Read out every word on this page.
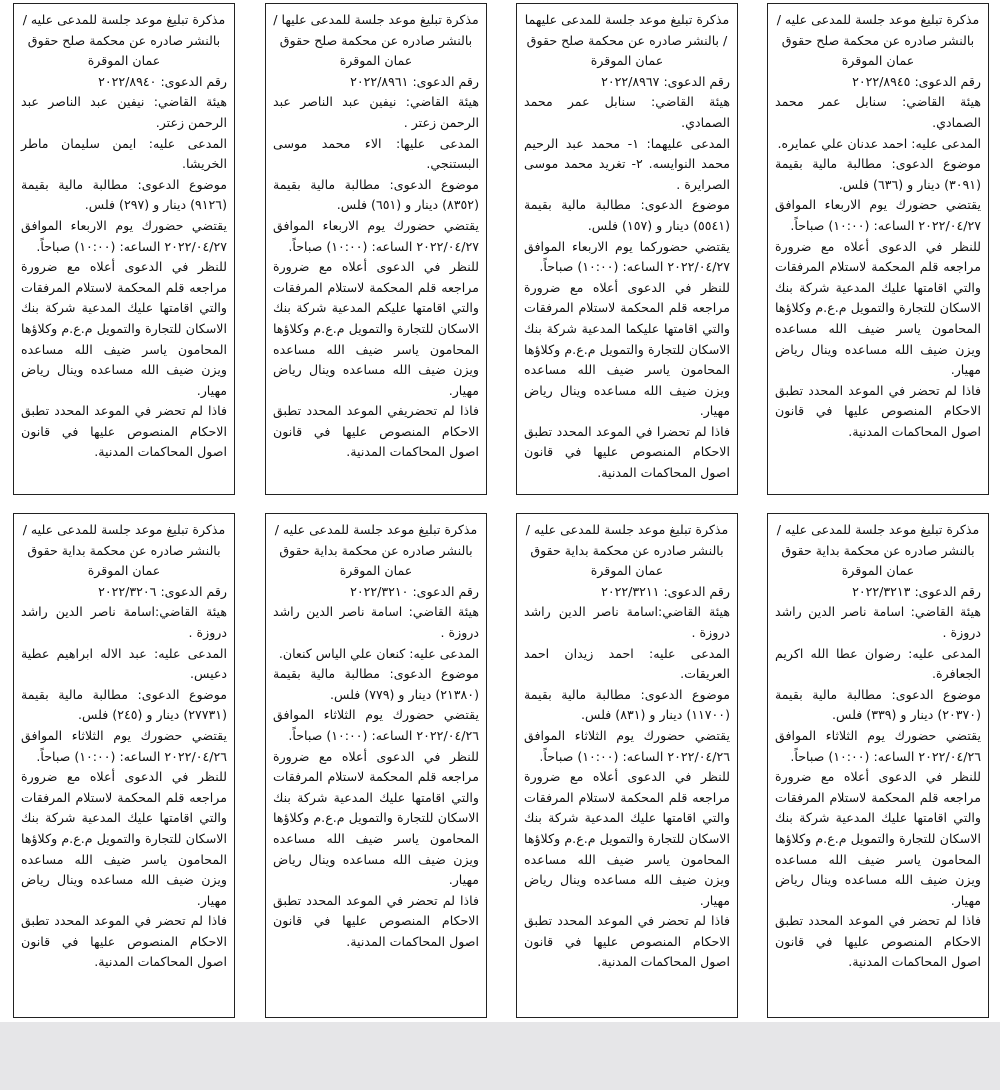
مذكرة تبليغ موعد جلسة للمدعى عليه / بالنشر صادره عن محكمة صلح حقوق عمان الموقرة

رقم الدعوى: ٢٠٢٢/٨٩٤٥

هيئة القاضي: سنابل عمر محمد الصمادي.

المدعى عليه: احمد عدنان علي عمايره.

موضوع الدعوى: مطالبة مالية بقيمة (٣٠٩١) دينار و (٦٣٦) فلس.

يقتضي حضورك يوم الاربعاء الموافق ٢٠٢٢/٠٤/٢٧ الساعه: (١٠:٠٠) صباحاً.

للنظر في الدعوى أعلاه مع ضرورة مراجعه قلم المحكمة لاستلام المرفقات والتي اقامتها عليك المدعية شركة بنك الاسكان للتجارة والتمويل م.ع.م وكلاؤها المحامون ياسر ضيف الله مساعده ويزن ضيف الله مساعده وينال رياض مهيار.

فاذا لم تحضر في الموعد المحدد تطبق الاحكام المنصوص عليها في قانون اصول المحاكمات المدنية.

مذكرة تبليغ موعد جلسة للمدعى عليهما / بالنشر صادره عن محكمة صلح حقوق عمان الموقرة

رقم الدعوى: ٢٠٢٢/٨٩٦٧

هيئة القاضي: سنابل عمر محمد الصمادي.

المدعى عليهما: ١- محمد عبد الرحيم محمد النوايسه. ٢- تغريد محمد موسى الصرايرة .

موضوع الدعوى: مطالبة مالية بقيمة (٥٥٤١) دينار و (١٥٧) فلس.

يقتضي حضوركما يوم الاربعاء الموافق ٢٠٢٢/٠٤/٢٧ الساعه: (١٠:٠٠) صباحاً.

للنظر في الدعوى أعلاه مع ضرورة مراجعه قلم المحكمة لاستلام المرفقات والتي اقامتها عليكما المدعية شركة بنك الاسكان للتجارة والتمويل م.ع.م وكلاؤها المحامون ياسر ضيف الله مساعده ويزن ضيف الله مساعده وينال رياض مهيار.

فاذا لم تحضرا في الموعد المحدد تطبق الاحكام المنصوص عليها في قانون اصول المحاكمات المدنية.

مذكرة تبليغ موعد جلسة للمدعى عليها / بالنشر صادره عن محكمة صلح حقوق عمان الموقرة

رقم الدعوى: ٢٠٢٢/٨٩٦١

هيئة القاضي: نيفين عبد الناصر عبد الرحمن زعتر .

المدعى عليها: الاء محمد موسى البستنجي.

موضوع الدعوى: مطالبة مالية بقيمة (٨٣٥٢) دينار و (٦٥١) فلس.

يقتضي حضورك يوم الاربعاء الموافق ٢٠٢٢/٠٤/٢٧ الساعه: (١٠:٠٠) صباحاً.

للنظر في الدعوى أعلاه مع ضرورة مراجعه قلم المحكمة لاستلام المرفقات والتي اقامتها عليكم المدعية شركة بنك الاسكان للتجارة والتمويل م.ع.م وكلاؤها المحامون ياسر ضيف الله مساعده ويزن ضيف الله مساعده وينال رياض مهيار.

فاذا لم تحضريفي الموعد المحدد تطبق الاحكام المنصوص عليها في قانون اصول المحاكمات المدنية.

مذكرة تبليغ موعد جلسة للمدعى عليه / بالنشر صادره عن محكمة صلح حقوق عمان الموقرة

رقم الدعوى: ٢٠٢٢/٨٩٤٠

هيئة القاضي: نيفين عبد الناصر عبد الرحمن زعتر.

المدعى عليه: ايمن سليمان ماطر الخريشا.

موضوع الدعوى: مطالبة مالية بقيمة (٩١٢٦) دينار و (٢٩٧) فلس.

يقتضي حضورك يوم الاربعاء الموافق ٢٠٢٢/٠٤/٢٧ الساعه: (١٠:٠٠) صباحاً.

للنظر في الدعوى أعلاه مع ضرورة مراجعه قلم المحكمة لاستلام المرفقات والتي اقامتها عليك المدعية شركة بنك الاسكان للتجارة والتمويل م.ع.م وكلاؤها المحامون ياسر ضيف الله مساعده ويزن ضيف الله مساعده وينال رياض مهيار.

فاذا لم تحضر في الموعد المحدد تطبق الاحكام المنصوص عليها في قانون اصول المحاكمات المدنية.

مذكرة تبليغ موعد جلسة للمدعى عليه / بالنشر صادره عن محكمة بداية حقوق عمان الموقرة

رقم الدعوى: ٢٠٢٢/٣٢١٣

هيئة القاضي: اسامة ناصر الدين راشد دروزة .

المدعى عليه: رضوان عطا الله اكريم الجعافرة.

موضوع الدعوى: مطالبة مالية بقيمة (٢٠٣٧٠) دينار و (٣٣٩) فلس.

يقتضي حضورك يوم الثلاثاء الموافق ٢٠٢٢/٠٤/٢٦ الساعه: (١٠:٠٠) صباحاً.

للنظر في الدعوى أعلاه مع ضرورة مراجعه قلم المحكمة لاستلام المرفقات والتي اقامتها عليك المدعية شركة بنك الاسكان للتجارة والتمويل م.ع.م وكلاؤها المحامون ياسر ضيف الله مساعده ويزن ضيف الله مساعده وينال رياض مهيار.

فاذا لم تحضر في الموعد المحدد تطبق الاحكام المنصوص عليها في قانون اصول المحاكمات المدنية.

مذكرة تبليغ موعد جلسة للمدعى عليه / بالنشر صادره عن محكمة بداية حقوق عمان الموقرة

رقم الدعوى: ٢٠٢٢/٣٢١١

هيئة القاضي:اسامة ناصر الدين راشد دروزة .

المدعى عليه: احمد زيدان احمد العريقات.

موضوع الدعوى: مطالبة مالية بقيمة (١١٧٠٠) دينار و (٨٣١) فلس.

يقتضي حضورك يوم الثلاثاء الموافق ٢٠٢٢/٠٤/٢٦ الساعه: (١٠:٠٠) صباحاً.

للنظر في الدعوى أعلاه مع ضرورة مراجعه قلم المحكمة لاستلام المرفقات والتي اقامتها عليك المدعية شركة بنك الاسكان للتجارة والتمويل م.ع.م وكلاؤها المحامون ياسر ضيف الله مساعده ويزن ضيف الله مساعده وينال رياض مهيار.

فاذا لم تحضر في الموعد المحدد تطبق الاحكام المنصوص عليها في قانون اصول المحاكمات المدنية.

مذكرة تبليغ موعد جلسة للمدعى عليه / بالنشر صادره عن محكمة بداية حقوق عمان الموقرة

رقم الدعوى: ٢٠٢٢/٣٢١٠

هيئة القاضي: اسامة ناصر الدين راشد دروزة .

المدعى عليه: كنعان علي الياس كنعان.

موضوع الدعوى: مطالبة مالية بقيمة (٢١٣٨٠) دينار و (٧٧٩) فلس.

يقتضي حضورك يوم الثلاثاء الموافق ٢٠٢٢/٠٤/٢٦ الساعه: (١٠:٠٠) صباحاً.

للنظر في الدعوى أعلاه مع ضرورة مراجعه قلم المحكمة لاستلام المرفقات والتي اقامتها عليك المدعية شركة بنك الاسكان للتجارة والتمويل م.ع.م وكلاؤها المحامون ياسر ضيف الله مساعده ويزن ضيف الله مساعده وينال رياض مهيار.

فاذا لم تحضر في الموعد المحدد تطبق الاحكام المنصوص عليها في قانون اصول المحاكمات المدنية.

مذكرة تبليغ موعد جلسة للمدعى عليه / بالنشر صادره عن محكمة بداية حقوق عمان الموقرة

رقم الدعوى: ٢٠٢٢/٣٢٠٦

هيئة القاضي:اسامة ناصر الدين راشد دروزة .

المدعى عليه: عبد الاله ابراهيم عطية دعيس.

موضوع الدعوى: مطالبة مالية بقيمة (٢٧٧٣١) دينار و (٢٤٥) فلس.

يقتضي حضورك يوم الثلاثاء الموافق ٢٠٢٢/٠٤/٢٦ الساعه: (١٠:٠٠) صباحاً.

للنظر في الدعوى أعلاه مع ضرورة مراجعه قلم المحكمة لاستلام المرفقات والتي اقامتها عليك المدعية شركة بنك الاسكان للتجارة والتمويل م.ع.م وكلاؤها المحامون ياسر ضيف الله مساعده ويزن ضيف الله مساعده وينال رياض مهيار.

فاذا لم تحضر في الموعد المحدد تطبق الاحكام المنصوص عليها في قانون اصول المحاكمات المدنية.
